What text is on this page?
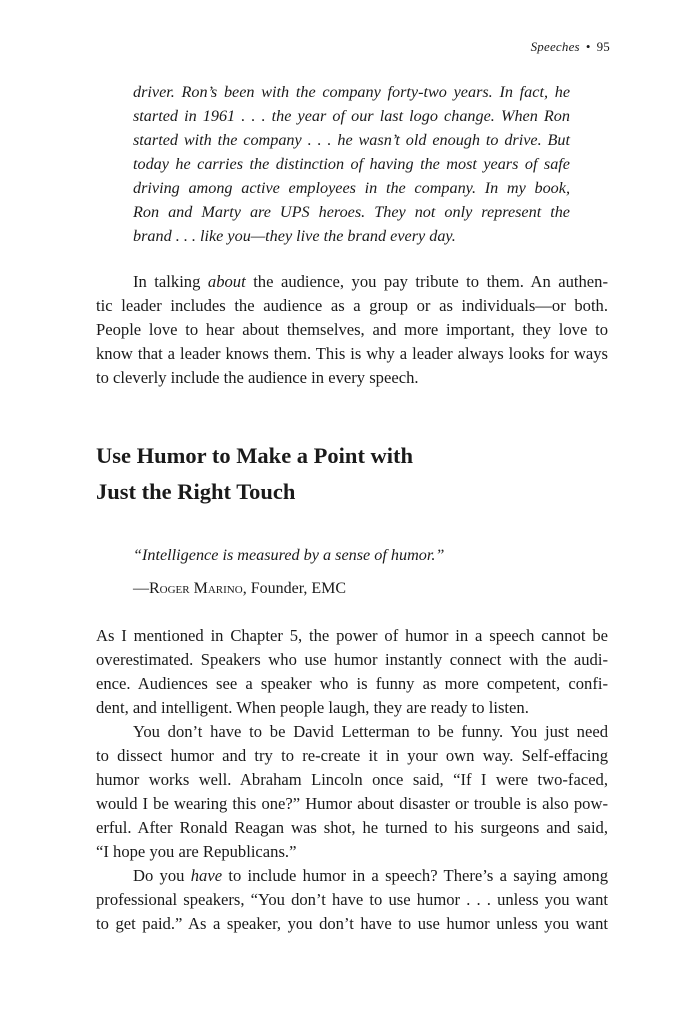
Speeches • 95
driver. Ron’s been with the company forty-two years. In fact, he
started in 1961 . . . the year of our last logo change. When Ron
started with the company . . . he wasn’t old enough to drive. But
today he carries the distinction of having the most years of safe
driving among active employees in the company. In my book,
Ron and Marty are UPS heroes. They not only represent the
brand . . . like you—they live the brand every day.
In talking about the audience, you pay tribute to them. An authen-
tic leader includes the audience as a group or as individuals—or both.
People love to hear about themselves, and more important, they love to
know that a leader knows them. This is why a leader always looks for ways
to cleverly include the audience in every speech.
Use Humor to Make a Point with
Just the Right Touch
“Intelligence is measured by a sense of humor.”
—Roger Marino, Founder, EMC
As I mentioned in Chapter 5, the power of humor in a speech cannot be
overestimated. Speakers who use humor instantly connect with the audi-
ence. Audiences see a speaker who is funny as more competent, confi-
dent, and intelligent. When people laugh, they are ready to listen.
You don’t have to be David Letterman to be funny. You just need
to dissect humor and try to re-create it in your own way. Self-effacing
humor works well. Abraham Lincoln once said, “If I were two-faced,
would I be wearing this one?” Humor about disaster or trouble is also pow-
erful. After Ronald Reagan was shot, he turned to his surgeons and said,
“I hope you are Republicans.”
Do you have to include humor in a speech? There’s a saying among
professional speakers, “You don’t have to use humor . . . unless you want
to get paid.” As a speaker, you don’t have to use humor unless you want
